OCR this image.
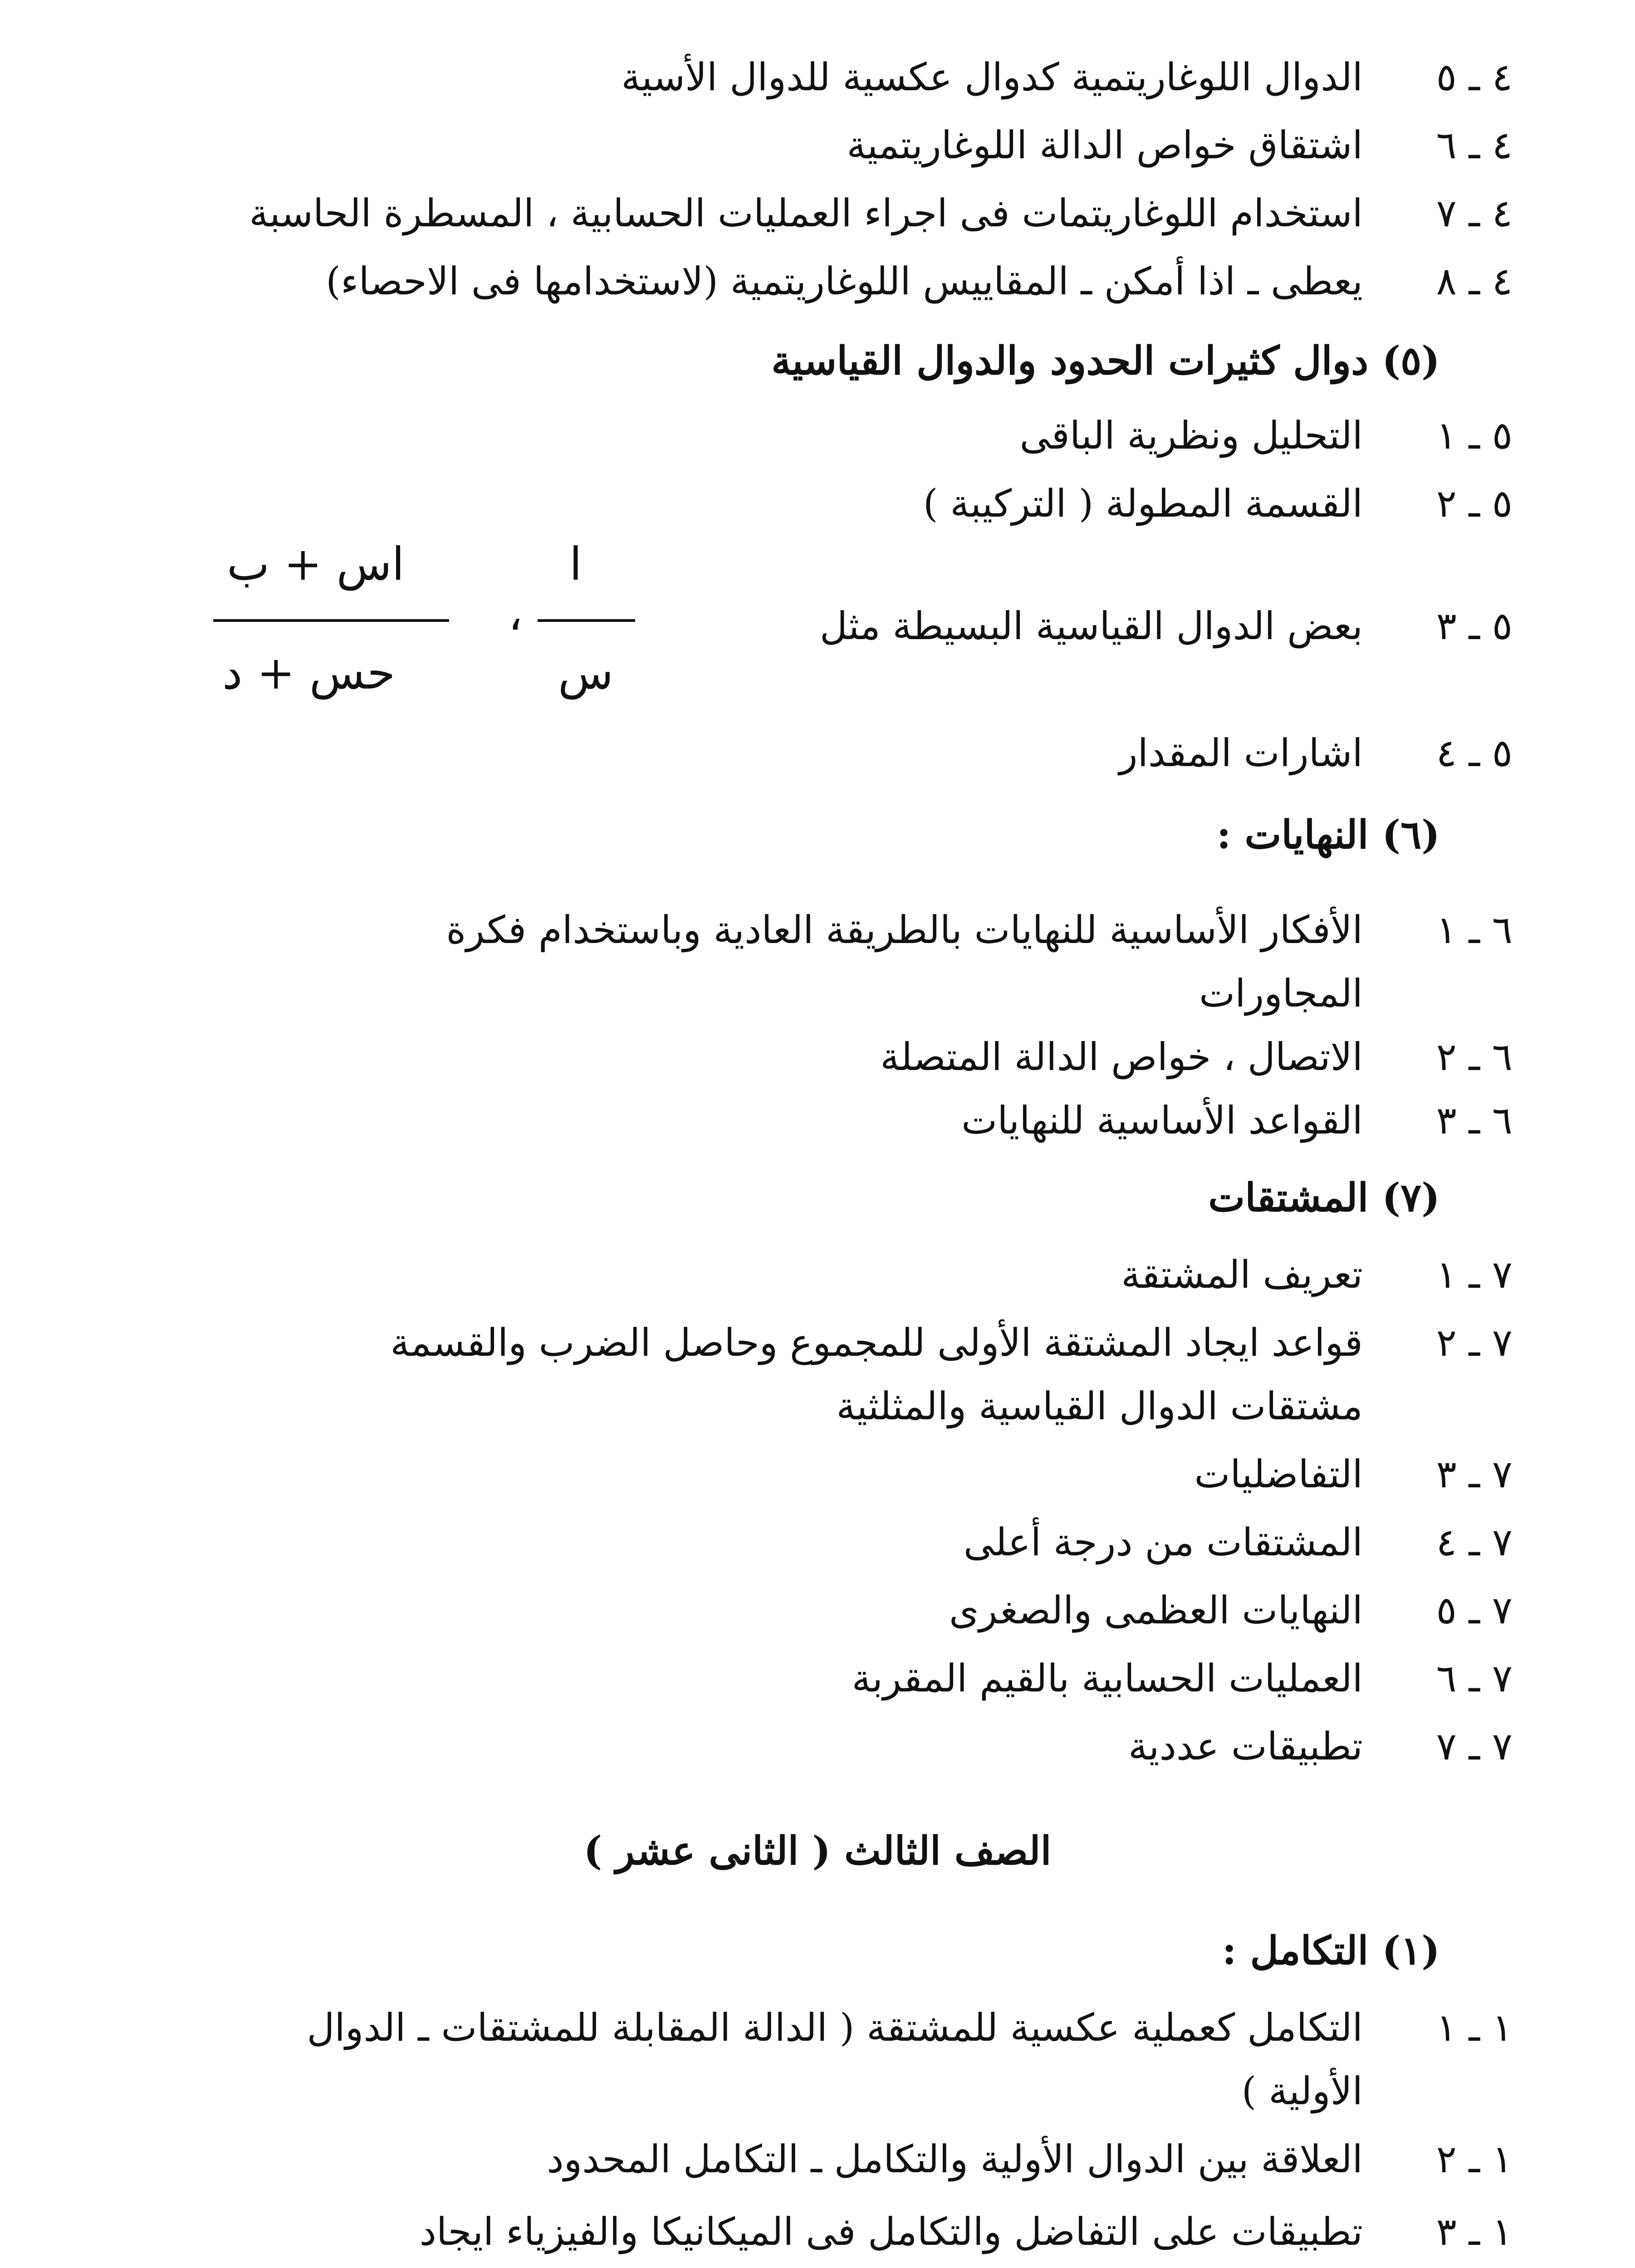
٤ ـ ٥الدوال اللوغاريتمية كدوال عكسية للدوال الأسية
٤ ـ ٦اشتقاق خواص الدالة اللوغاريتمية
٤ ـ ٧استخدام اللوغاريتمات فى اجراء العمليات الحسابية ، المسطرة الحاسبة
٤ ـ ٨يعطى ـ اذا أمكن ـ المقاييس اللوغاريتمية (لاستخدامها فى الاحصاء)
(٥) دوال كثيرات الحدود والدوال القياسية
٥ ـ ١التحليل ونظرية الباقى
٥ ـ ٢القسمة المطولة ( التركيبة )
٥ ـ ٣بعض الدوال القياسية البسيطة مثل
ا
س
،
اس + ب
حس + د
٥ ـ ٤اشارات المقدار
(٦) النهايات :
٦ ـ ١الأفكار الأساسية للنهايات بالطريقة العادية وباستخدام فكرة
المجاورات
٦ ـ ٢الاتصال ، خواص الدالة المتصلة
٦ ـ ٣القواعد الأساسية للنهايات
(٧) المشتقات
٧ ـ ١تعريف المشتقة
٧ ـ ٢قواعد ايجاد المشتقة الأولى للمجموع وحاصل الضرب والقسمة
مشتقات الدوال القياسية والمثلثية
٧ ـ ٣التفاضليات
٧ ـ ٤المشتقات من درجة أعلى
٧ ـ ٥النهايات العظمى والصغرى
٧ ـ ٦العمليات الحسابية بالقيم المقربة
٧ ـ ٧تطبيقات عددية
الصف الثالث ( الثانى عشر )
(١) التكامل :
١ ـ ١التكامل كعملية عكسية للمشتقة ( الدالة المقابلة للمشتقات ـ الدوال
الأولية )
١ ـ ٢العلاقة بين الدوال الأولية والتكامل ـ التكامل المحدود
١ ـ ٣تطبيقات على التفاضل والتكامل فى الميكانيكا والفيزياء ايجاد
